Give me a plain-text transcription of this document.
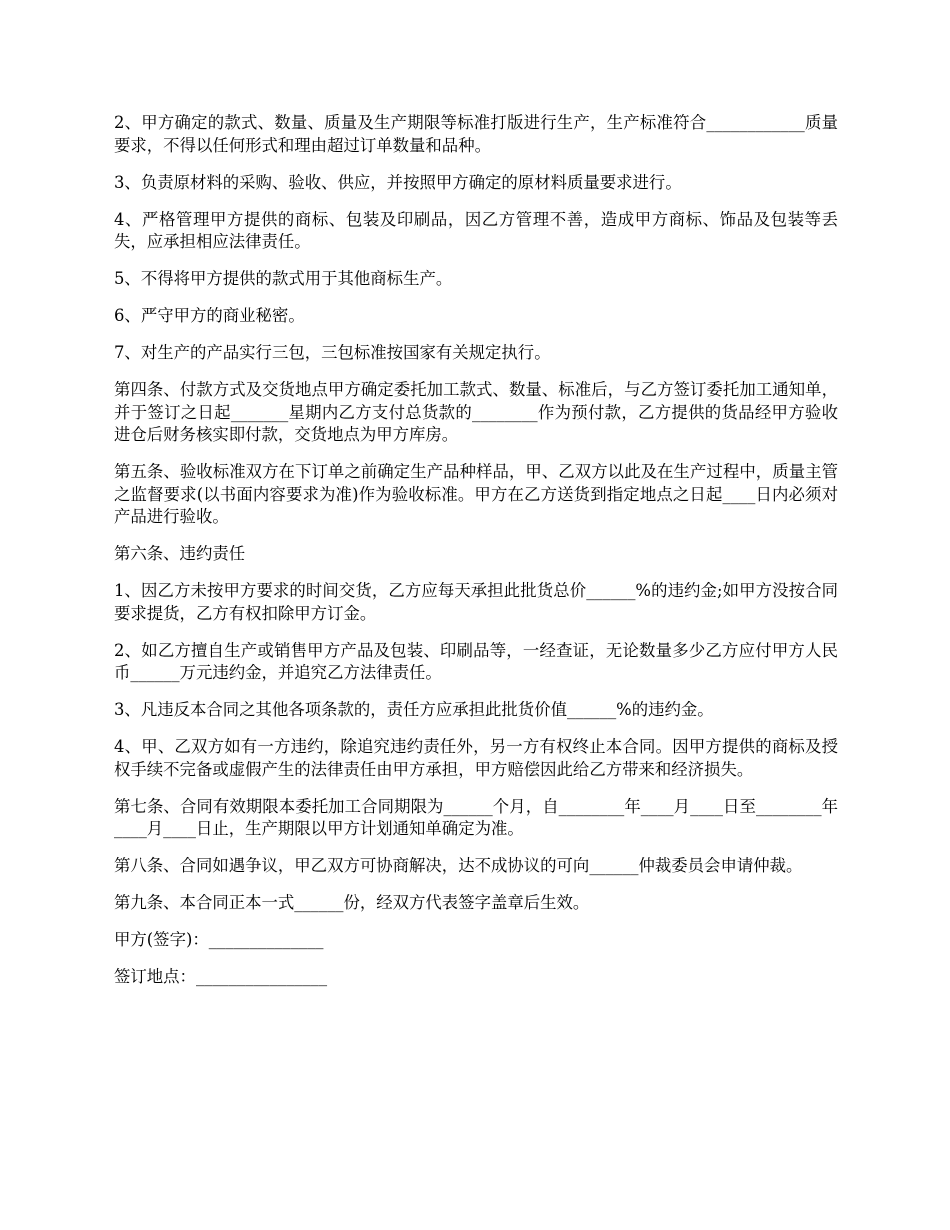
2、甲方确定的款式、数量、质量及生产期限等标准打版进行生产，生产标准符合____________质量要求，不得以任何形式和理由超过订单数量和品种。

3、负责原材料的采购、验收、供应，并按照甲方确定的原材料质量要求进行。

4、严格管理甲方提供的商标、包装及印刷品，因乙方管理不善，造成甲方商标、饰品及包装等丢失，应承担相应法律责任。

5、不得将甲方提供的款式用于其他商标生产。

6、严守甲方的商业秘密。

7、对生产的产品实行三包，三包标准按国家有关规定执行。

第四条、付款方式及交货地点甲方确定委托加工款式、数量、标准后，与乙方签订委托加工通知单，并于签订之日起_______星期内乙方支付总货款的________作为预付款，乙方提供的货品经甲方验收进仓后财务核实即付款，交货地点为甲方库房。

第五条、验收标准双方在下订单之前确定生产品种样品，甲、乙双方以此及在生产过程中，质量主管之监督要求(以书面内容要求为准)作为验收标准。甲方在乙方送货到指定地点之日起____日内必须对产品进行验收。

第六条、违约责任

1、因乙方未按甲方要求的时间交货，乙方应每天承担此批货总价______%的违约金;如甲方没按合同要求提货，乙方有权扣除甲方订金。

2、如乙方擅自生产或销售甲方产品及包装、印刷品等，一经查证，无论数量多少乙方应付甲方人民币______万元违约金，并追究乙方法律责任。

3、凡违反本合同之其他各项条款的，责任方应承担此批货价值______%的违约金。

4、甲、乙双方如有一方违约，除追究违约责任外，另一方有权终止本合同。因甲方提供的商标及授权手续不完备或虚假产生的法律责任由甲方承担，甲方赔偿因此给乙方带来和经济损失。

第七条、合同有效期限本委托加工合同期限为______个月，自________年____月____日至________年____月____日止，生产期限以甲方计划通知单确定为准。

第八条、合同如遇争议，甲乙双方可协商解决，达不成协议的可向______仲裁委员会申请仲裁。

第九条、本合同正本一式______份，经双方代表签字盖章后生效。

甲方(签字)：______________

签订地点：________________
